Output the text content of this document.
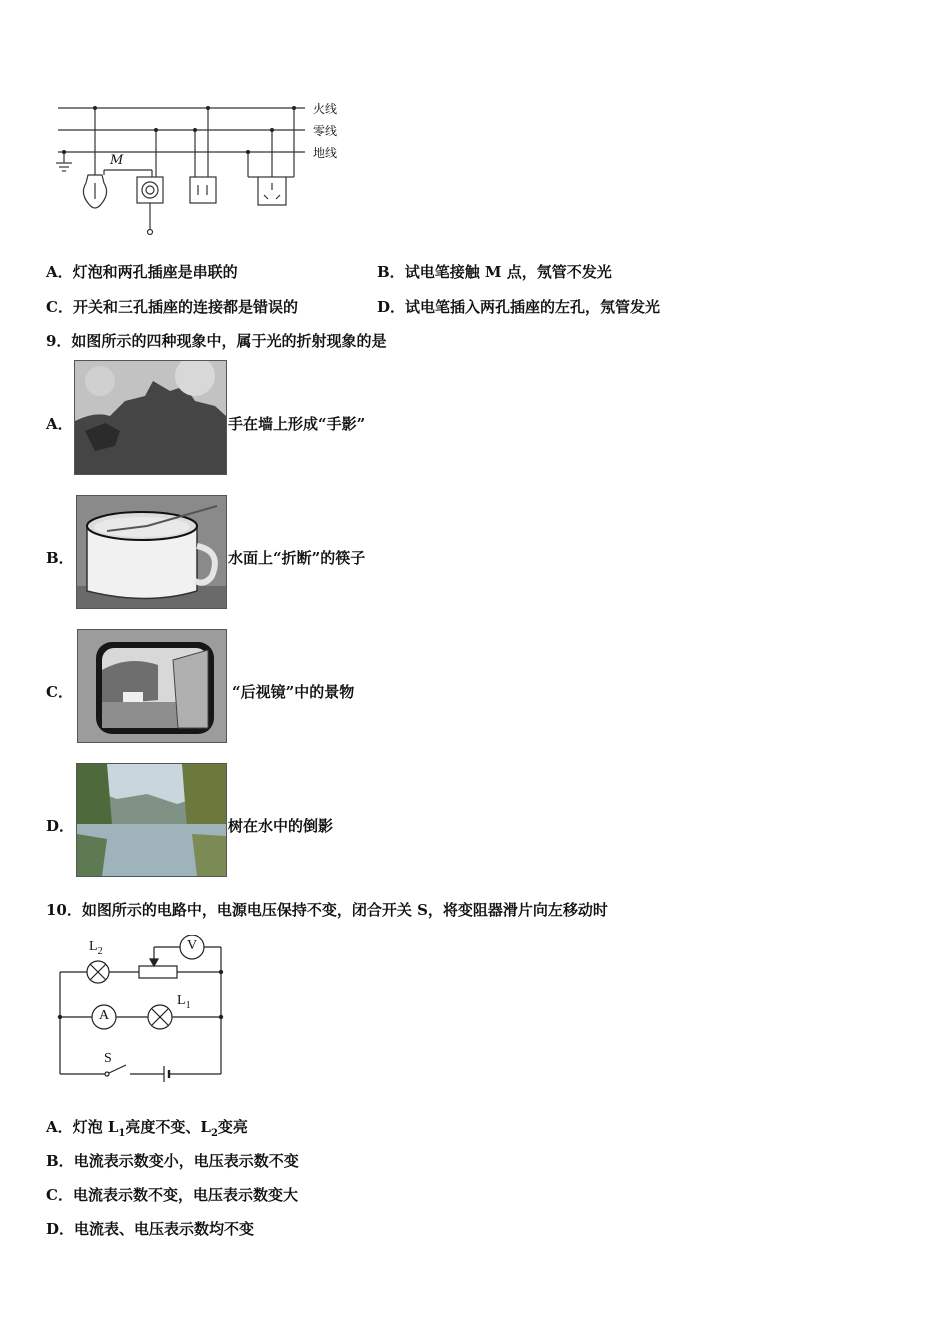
火线
零线
地线
M
A．灯泡和两孔插座是串联的	B．试电笔接触 M 点，氖管不发光
C．开关和三孔插座的连接都是错误的	D．试电笔插入两孔插座的左孔，氖管发光
9．如图所示的四种现象中，属于光的折射现象的是
A．	手在墙上形成“手影”
B．	水面上“折断”的筷子
C．	“后视镜”中的景物
D．	树在水中的倒影
10．如图所示的电路中，电源电压保持不变，闭合开关 S，将变阻器滑片向左移动时
$L_2$	V
A
$L_1$
S
A．灯泡 $L_1$亮度不变、$L_2$变亮
B．电流表示数变小，电压表示数不变
C．电流表示数不变，电压表示数变大
D．电流表、电压表示数均不变
